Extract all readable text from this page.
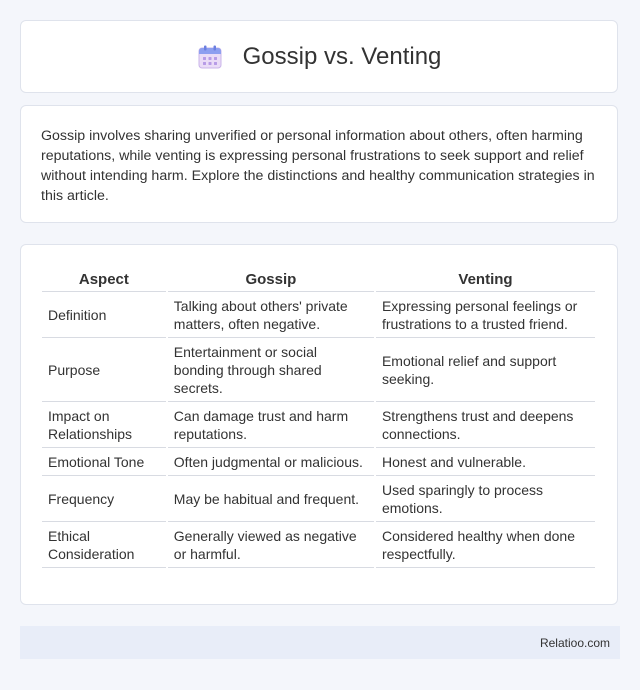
Gossip vs. Venting

Gossip involves sharing unverified or personal information about others, often harming reputations, while venting is expressing personal frustrations to seek support and relief without intending harm. Explore the distinctions and healthy communication strategies in this article.

Aspect	Gossip	Venting
Definition	Talking about others' private matters, often negative.	Expressing personal feelings or frustrations to a trusted friend.
Purpose	Entertainment or social bonding through shared secrets.	Emotional relief and support seeking.
Impact on Relationships	Can damage trust and harm reputations.	Strengthens trust and deepens connections.
Emotional Tone	Often judgmental or malicious.	Honest and vulnerable.
Frequency	May be habitual and frequent.	Used sparingly to process emotions.
Ethical Consideration	Generally viewed as negative or harmful.	Considered healthy when done respectfully.
Relatioo.com
